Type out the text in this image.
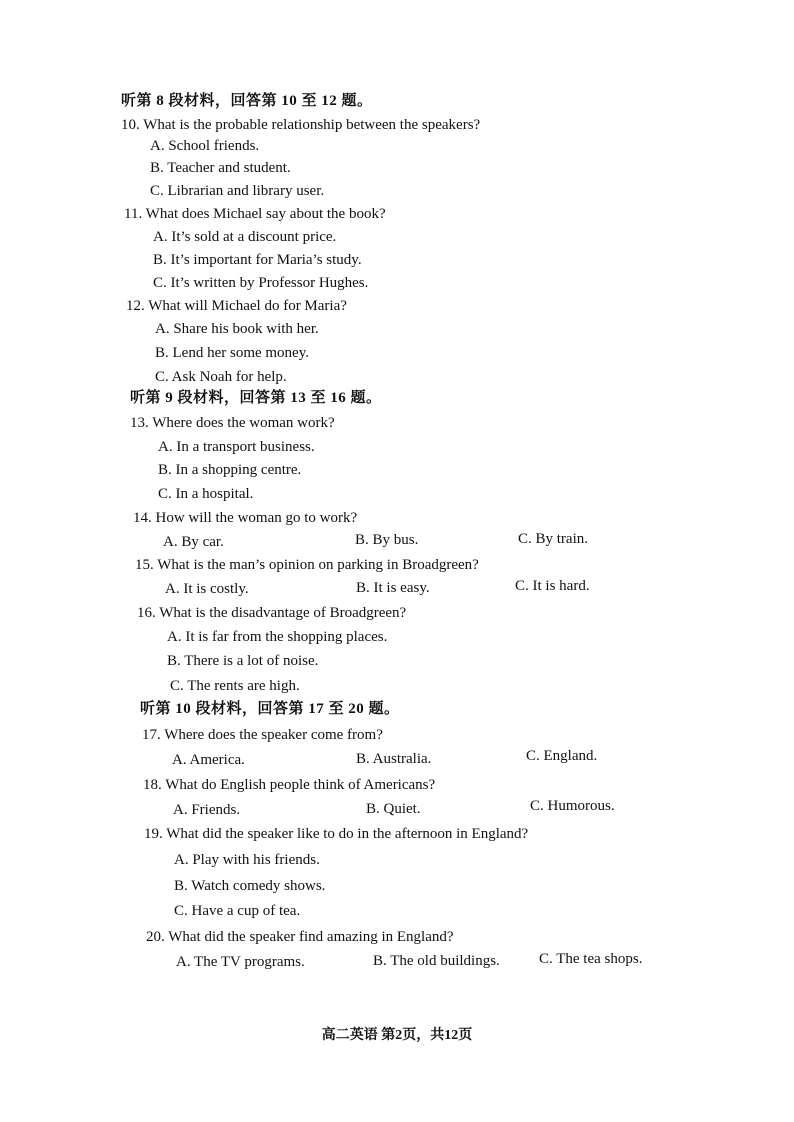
听第 8 段材料，回答第 10 至 12 题。
10. What is the probable relationship between the speakers?
A. School friends.
B. Teacher and student.
C. Librarian and library user.
11. What does Michael say about the book?
A. It’s sold at a discount price.
B. It’s important for Maria’s study.
C. It’s written by Professor Hughes.
12. What will Michael do for Maria?
A. Share his book with her.
B. Lend her some money.
C. Ask Noah for help.
听第 9 段材料，回答第 13 至 16 题。
13. Where does the woman work?
A. In a transport business.
B. In a shopping centre.
C. In a hospital.
14. How will the woman go to work?
A. By car.	B. By bus.	C. By train.
15. What is the man’s opinion on parking in Broadgreen?
A. It is costly.	B. It is easy.	C. It is hard.
16. What is the disadvantage of Broadgreen?
A. It is far from the shopping places.
B. There is a lot of noise.
C. The rents are high.
听第 10 段材料，回答第 17 至 20 题。
17. Where does the speaker come from?
A. America.	B. Australia.	C. England.
18. What do English people think of Americans?
A. Friends.	B. Quiet.	C. Humorous.
19. What did the speaker like to do in the afternoon in England?
A. Play with his friends.
B. Watch comedy shows.
C. Have a cup of tea.
20. What did the speaker find amazing in England?
A. The TV programs.	B. The old buildings.	C. The tea shops.
高二英语 第2页，共12页
